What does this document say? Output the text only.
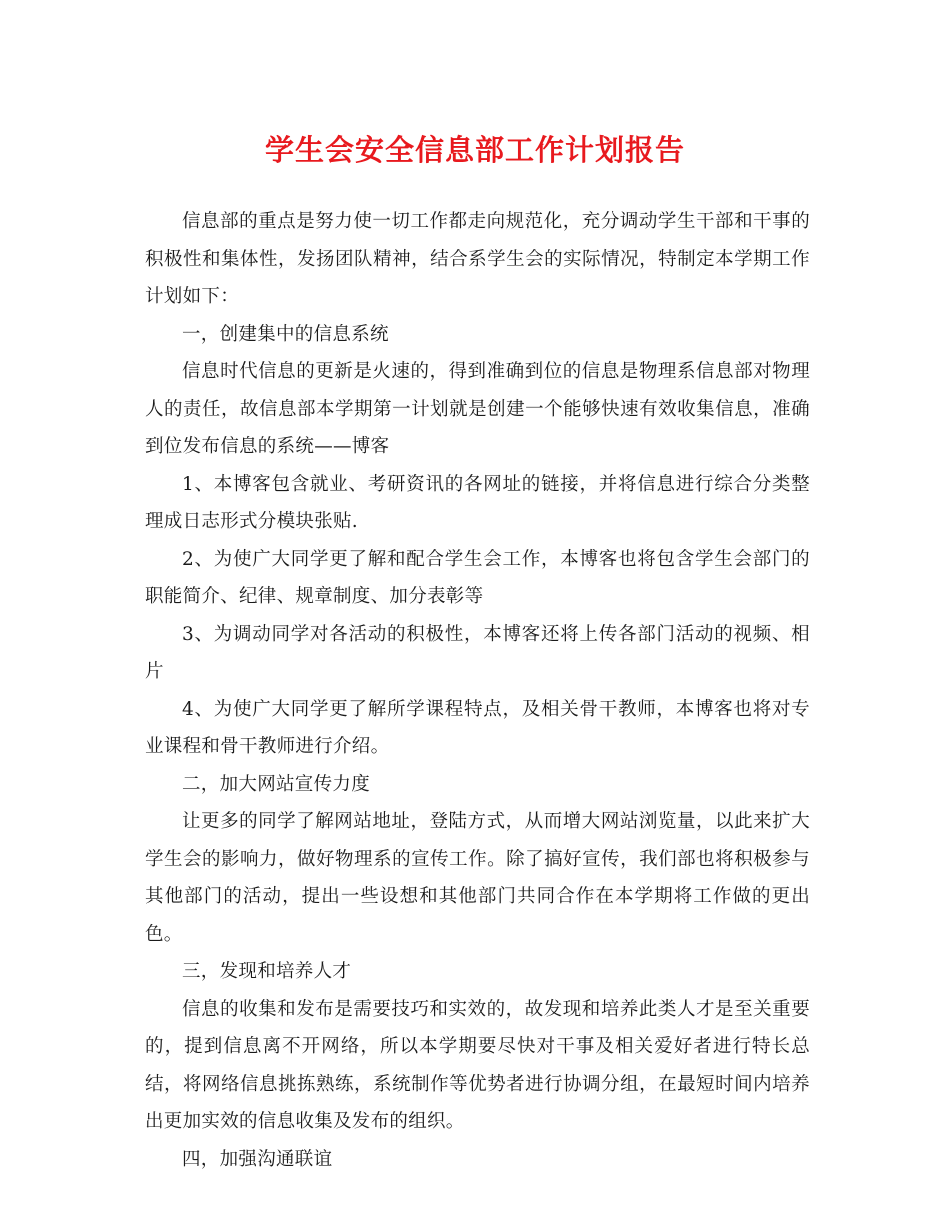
学生会安全信息部工作计划报告

信息部的重点是努力使一切工作都走向规范化，充分调动学生干部和干事的积极性和集体性，发扬团队精神，结合系学生会的实际情况，特制定本学期工作计划如下：

一，创建集中的信息系统

信息时代信息的更新是火速的，得到准确到位的信息是物理系信息部对物理人的责任，故信息部本学期第一计划就是创建一个能够快速有效收集信息，准确到位发布信息的系统——博客

1、本博客包含就业、考研资讯的各网址的链接，并将信息进行综合分类整理成日志形式分模块张贴.

2、为使广大同学更了解和配合学生会工作，本博客也将包含学生会部门的职能简介、纪律、规章制度、加分表彰等

3、为调动同学对各活动的积极性，本博客还将上传各部门活动的视频、相片

4、为使广大同学更了解所学课程特点，及相关骨干教师，本博客也将对专业课程和骨干教师进行介绍。

二，加大网站宣传力度

让更多的同学了解网站地址，登陆方式，从而增大网站浏览量，以此来扩大学生会的影响力，做好物理系的宣传工作。除了搞好宣传，我们部也将积极参与其他部门的活动，提出一些设想和其他部门共同合作在本学期将工作做的更出色。

三，发现和培养人才

信息的收集和发布是需要技巧和实效的，故发现和培养此类人才是至关重要的，提到信息离不开网络，所以本学期要尽快对干事及相关爱好者进行特长总结，将网络信息挑拣熟练，系统制作等优势者进行协调分组，在最短时间内培养出更加实效的信息收集及发布的组织。

四，加强沟通联谊
